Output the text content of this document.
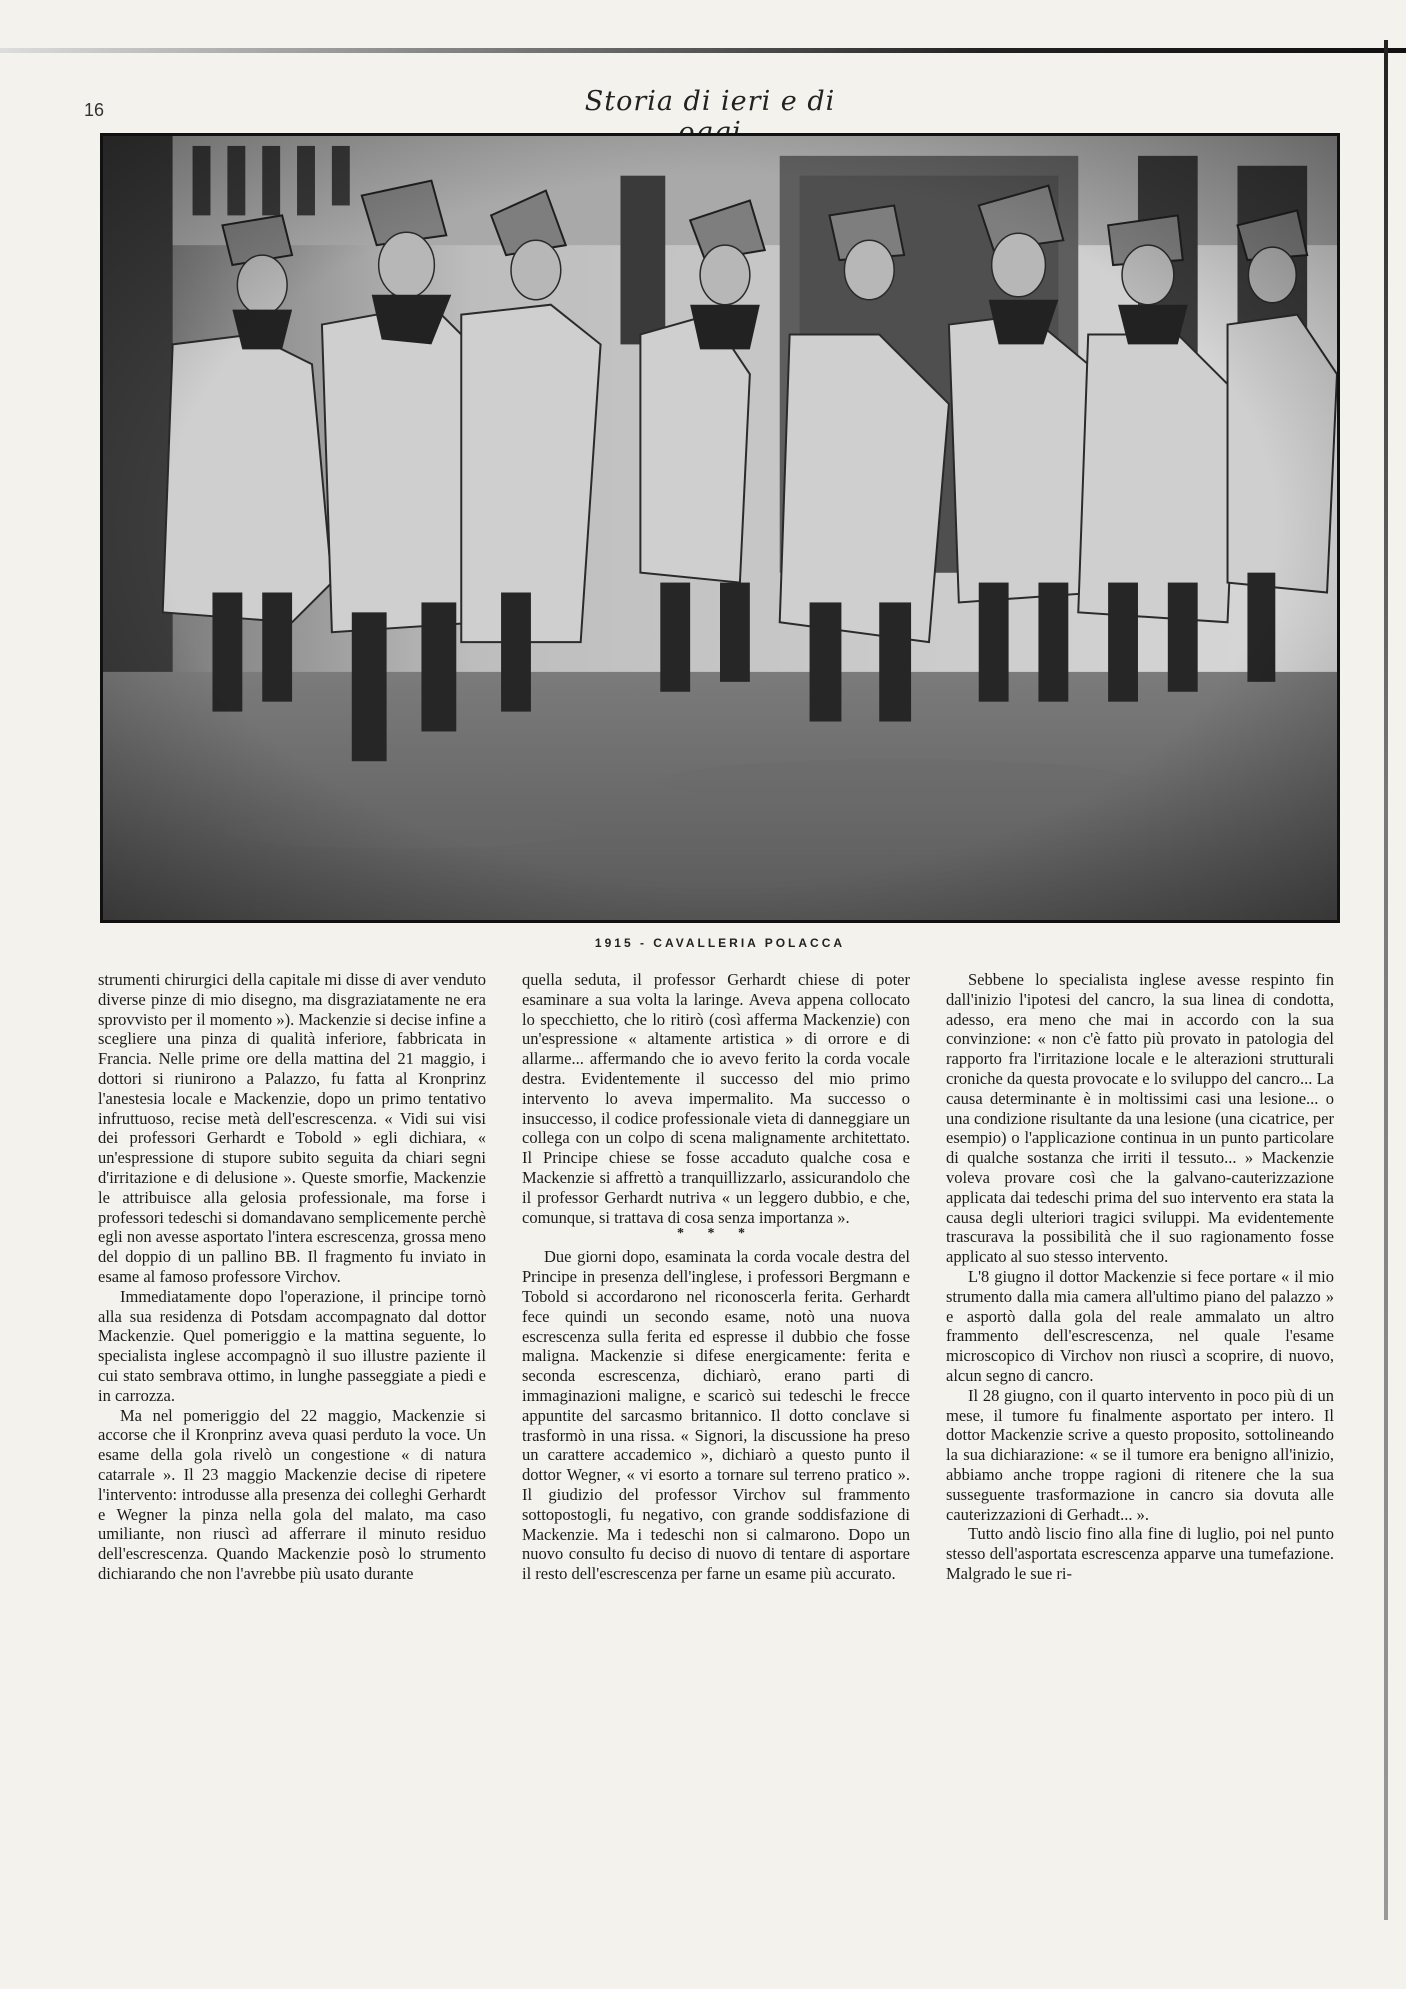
16	Storia di ieri e di
1915 - CAVALLERIA POLACCA

strumenti chirurgici della capitale mi disse di aver venduto diverse pinze di mio disegno, ma disgraziatamente ne era sprovvisto per il momento »). Mackenzie si decise infine a scegliere una pinza di qualità inferiore, fabbricata in Francia. Nelle prime ore della mattina del 21 maggio, i dottori si riunirono a Palazzo, fu fatta al Kronprinz l'anestesia locale e Mackenzie, dopo un primo tentativo infruttuoso, recise metà dell'escrescenza. « Vidi sui visi dei professori Gerhardt e Tobold » egli dichiara, « un'espressione di stupore subito seguita da chiari segni d'irritazione e di delusione ». Queste smorfie, Mackenzie le attribuisce alla gelosia professionale, ma forse i professori tedeschi si domandavano semplicemente perchè egli non avesse asportato l'intera escrescenza, grossa meno del doppio di un pallino BB. Il fragmento fu inviato in esame al famoso professore Virchov.

Immediatamente dopo l'operazione, il principe tornò alla sua residenza di Potsdam accompagnato dal dottor Mackenzie. Quel pomeriggio e la mattina seguente, lo specialista inglese accompagnò il suo illustre paziente il cui stato sembrava ottimo, in lunghe passeggiate a piedi e in carrozza.

Ma nel pomeriggio del 22 maggio, Mackenzie si accorse che il Kronprinz aveva quasi perduto la voce. Un esame della gola rivelò un congestione « di natura catarrale ». Il 23 maggio Mackenzie decise di ripetere l'intervento: introdusse alla presenza dei colleghi Gerhardt e Wegner la pinza nella gola del malato, ma caso umiliante, non riuscì ad afferrare il minuto residuo dell'escrescenza. Quando Mackenzie posò lo strumento dichiarando che non l'avrebbe più usato durante

quella seduta, il professor Gerhardt chiese di poter esaminare a sua volta la laringe. Aveva appena collocato lo specchietto, che lo ritirò (così afferma Mackenzie) con un'espressione « altamente artistica » di orrore e di allarme... affermando che io avevo ferito la corda vocale destra. Evidentemente il successo del mio primo intervento lo aveva impermalito. Ma successo o insuccesso, il codice professionale vieta di danneggiare un collega con un colpo di scena malignamente architettato. Il Principe chiese se fosse accaduto qualche cosa e Mackenzie si affrettò a tranquillizzarlo, assicurandolo che il professor Gerhardt nutriva « un leggero dubbio, e che, comunque, si trattava di cosa senza importanza ».

* * *

Due giorni dopo, esaminata la corda vocale destra del Principe in presenza dell'inglese, i professori Bergmann e Tobold si accordarono nel riconoscerla ferita. Gerhardt fece quindi un secondo esame, notò una nuova escrescenza sulla ferita ed espresse il dubbio che fosse maligna. Mackenzie si difese energicamente: ferita e seconda escrescenza, dichiarò, erano parti di immaginazioni maligne, e scaricò sui tedeschi le frecce appuntite del sarcasmo britannico. Il dotto conclave si trasformò in una rissa. « Signori, la discussione ha preso un carattere accademico », dichiarò a questo punto il dottor Wegner, « vi esorto a tornare sul terreno pratico ». Il giudizio del professor Virchov sul frammento sottopostogli, fu negativo, con grande soddisfazione di Mackenzie. Ma i tedeschi non si calmarono. Dopo un nuovo consulto fu deciso di nuovo di tentare di asportare il resto dell'escrescenza per farne un esame più accurato.

Sebbene lo specialista inglese avesse respinto fin dall'inizio l'ipotesi del cancro, la sua linea di condotta, adesso, era meno che mai in accordo con la sua convinzione: « non c'è fatto più provato in patologia del rapporto fra l'irritazione locale e le alterazioni strutturali croniche da questa provocate e lo sviluppo del cancro... La causa determinante è in moltissimi casi una lesione... o una condizione risultante da una lesione (una cicatrice, per esempio) o l'applicazione continua in un punto particolare di qualche sostanza che irriti il tessuto... » Mackenzie voleva provare così che la galvano-cauterizzazione applicata dai tedeschi prima del suo intervento era stata la causa degli ulteriori tragici sviluppi. Ma evidentemente trascurava la possibilità che il suo ragionamento fosse applicato al suo stesso intervento.

L'8 giugno il dottor Mackenzie si fece portare « il mio strumento dalla mia camera all'ultimo piano del palazzo » e asportò dalla gola del reale ammalato un altro frammento dell'escrescenza, nel quale l'esame microscopico di Virchov non riuscì a scoprire, di nuovo, alcun segno di cancro.

Il 28 giugno, con il quarto intervento in poco più di un mese, il tumore fu finalmente asportato per intero. Il dottor Mackenzie scrive a questo proposito, sottolineando la sua dichiarazione: « se il tumore era benigno all'inizio, abbiamo anche troppe ragioni di ritenere che la sua susseguente trasformazione in cancro sia dovuta alle cauterizzazioni di Gerhadt... ».

Tutto andò liscio fino alla fine di luglio, poi nel punto stesso dell'asportata escrescenza apparve una tumefazione. Malgrado le sue ri-
